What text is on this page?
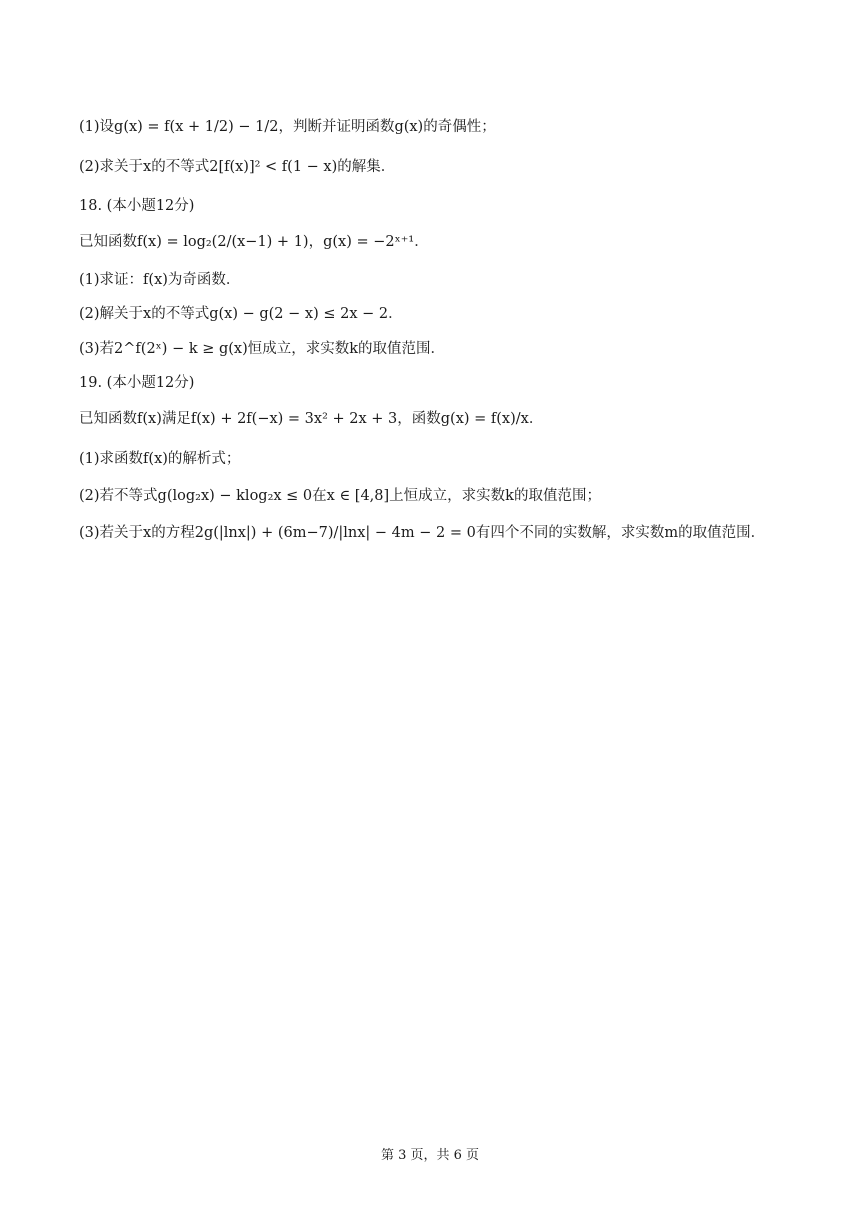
(1)设g(x) = f(x + 1/2) − 1/2，判断并证明函数g(x)的奇偶性；
(2)求关于x的不等式2[f(x)]² < f(1 − x)的解集．
18. (本小题12分)
已知函数f(x) = log₂(2/(x−1) + 1)，g(x) = −2ˣ⁺¹．
(1)求证：f(x)为奇函数．
(2)解关于x的不等式g(x) − g(2 − x) ≤ 2x − 2．
(3)若2^f(2ˣ) − k ≥ g(x)恒成立，求实数k的取值范围．
19. (本小题12分)
已知函数f(x)满足f(x) + 2f(−x) = 3x² + 2x + 3，函数g(x) = f(x)/x．
(1)求函数f(x)的解析式；
(2)若不等式g(log₂x) − klog₂x ≤ 0在x ∈ [4,8]上恒成立，求实数k的取值范围；
(3)若关于x的方程2g(|lnx|) + (6m−7)/|lnx| − 4m − 2 = 0有四个不同的实数解，求实数m的取值范围．
第 3 页，共 6 页
